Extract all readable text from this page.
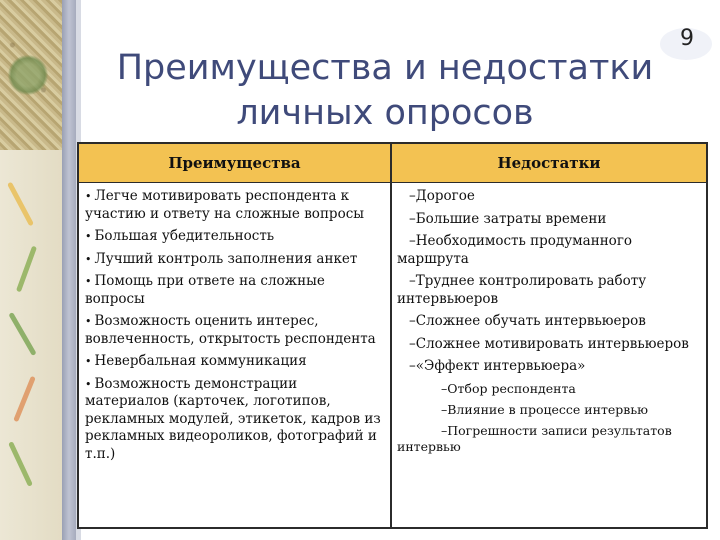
9
Преимущества и недостатки личных опросов
Преимущества	Недостатки
• Легче мотивировать респондента к участию и ответу на сложные вопросы
• Большая убедительность
• Лучший контроль заполнения анкет
• Помощь при ответе на сложные вопросы
• Возможность оценить интерес, вовлеченность, открытость респондента
• Невербальная коммуникация
• Возможность демонстрации материалов (карточек, логотипов, рекламных модулей, этикеток, кадров из рекламных видеороликов, фотографий и т.п.)
–Дорогое
–Большие затраты времени
–Необходимость продуманного маршрута
–Труднее контролировать работу интервьюеров
–Сложнее обучать интервьюеров
–Сложнее мотивировать интервьюеров
–«Эффект интервьюера»
–Отбор респондента
–Влияние в процессе интервью
–Погрешности записи результатов интервью
